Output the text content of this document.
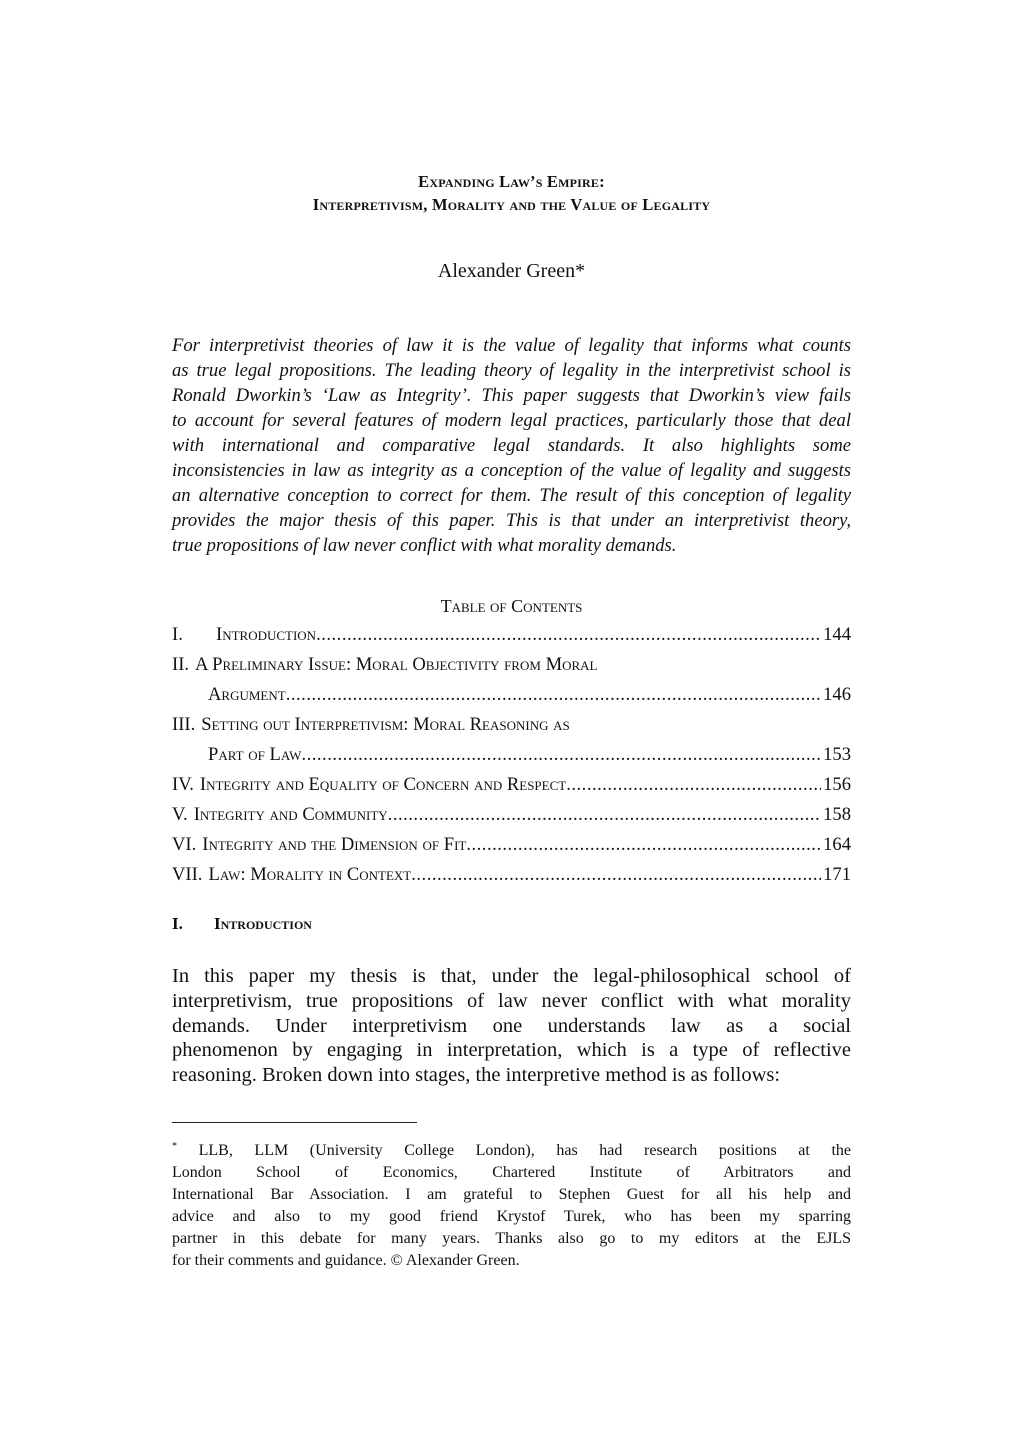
Expanding Law’s Empire:
Interpretivism, Morality and the Value of Legality
Alexander Green*
For interpretivist theories of law it is the value of legality that informs what counts
as true legal propositions. The leading theory of legality in the interpretivist school is
Ronald Dworkin’s ‘Law as Integrity’. This paper suggests that Dworkin’s view fails
to account for several features of modern legal practices, particularly those that deal
with international and comparative legal standards. It also highlights some
inconsistencies in law as integrity as a conception of the value of legality and suggests
an alternative conception to correct for them. The result of this conception of legality
provides the major thesis of this paper. This is that under an interpretivist theory,
true propositions of law never conflict with what morality demands.
Table of Contents
I.	Introduction .....	144
II. A Preliminary Issue: Moral Objectivity from Moral
Argument .....	146
III. Setting out Interpretivism: Moral Reasoning as
Part of Law .....	153
IV. Integrity and Equality of Concern and Respect .....	156
V. Integrity and Community .....	158
VI. Integrity and the Dimension of Fit .....	164
VII. Law: Morality in Context .....	171
I. Introduction
In this paper my thesis is that, under the legal-philosophical school of
interpretivism, true propositions of law never conflict with what morality
demands. Under interpretivism one understands law as a social
phenomenon by engaging in interpretation, which is a type of reflective
reasoning. Broken down into stages, the interpretive method is as follows:
* LLB, LLM (University College London), has had research positions at the
London School of Economics, Chartered Institute of Arbitrators and
International Bar Association. I am grateful to Stephen Guest for all his help and
advice and also to my good friend Krystof Turek, who has been my sparring
partner in this debate for many years. Thanks also go to my editors at the EJLS
for their comments and guidance. © Alexander Green.
